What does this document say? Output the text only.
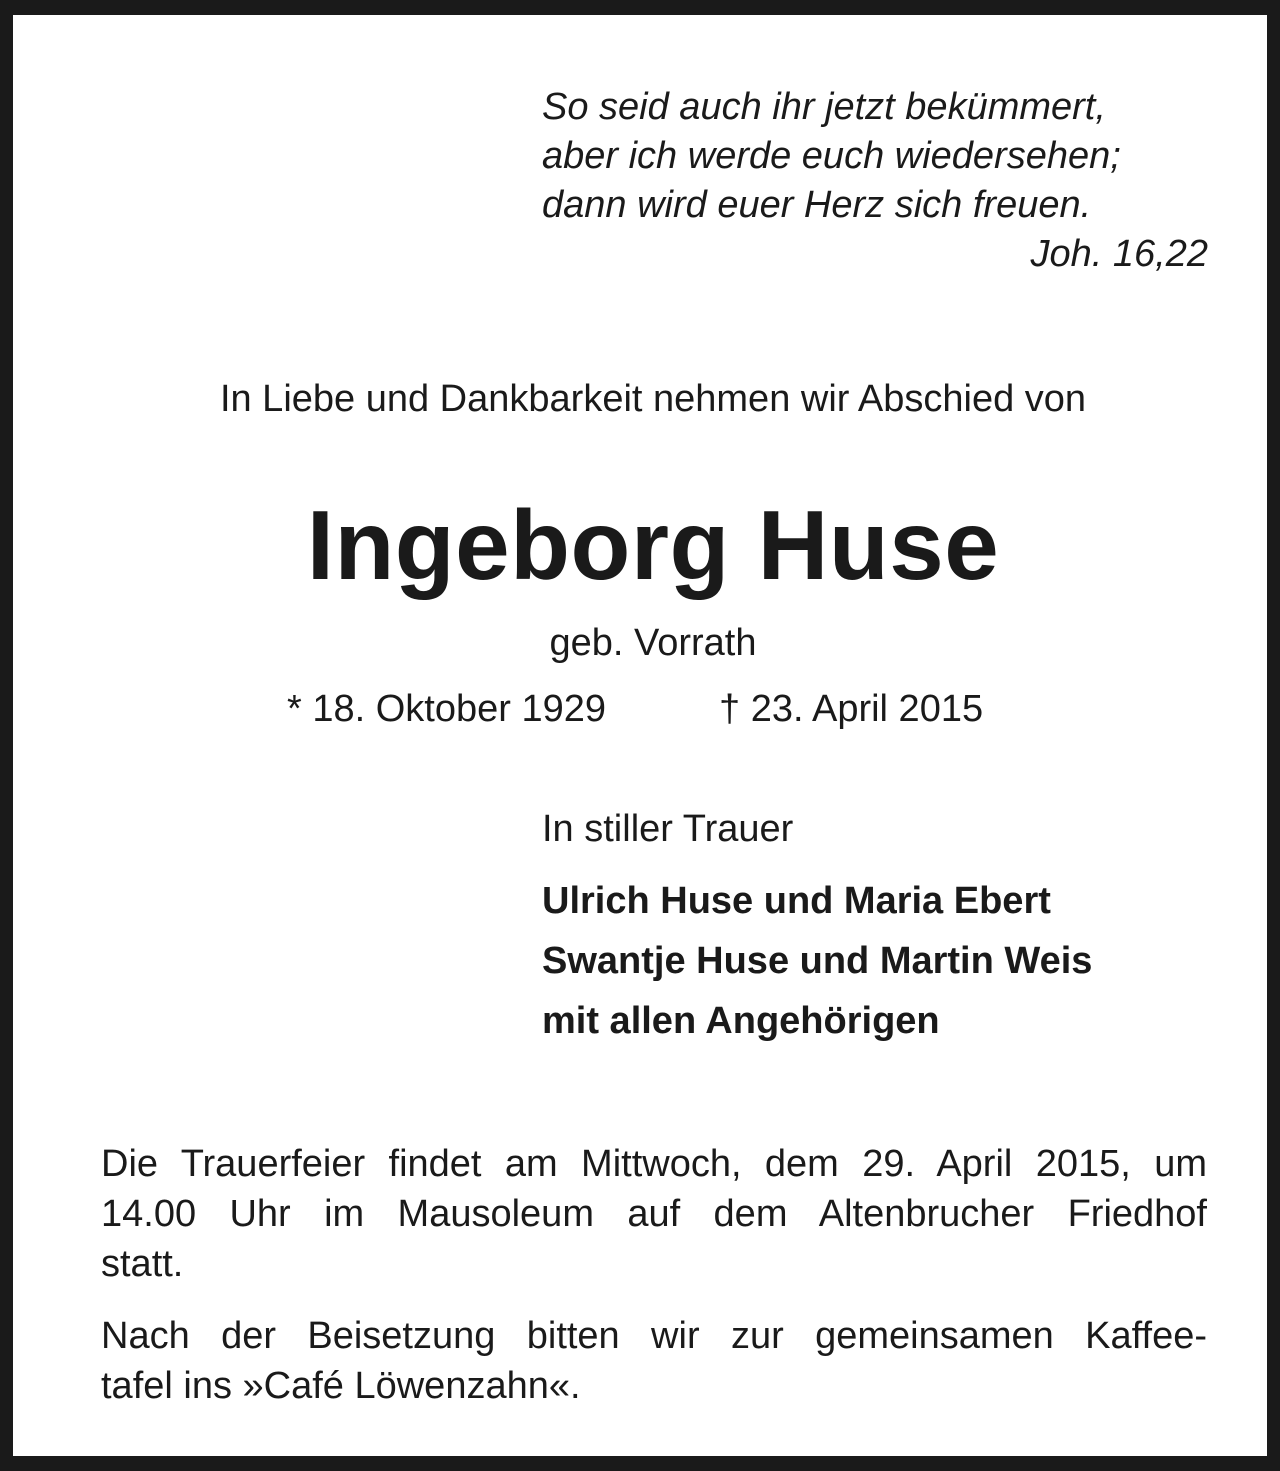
So seid auch ihr jetzt bekümmert,
aber ich werde euch wiedersehen;
dann wird euer Herz sich freuen.
Joh. 16,22

In Liebe und Dankbarkeit nehmen wir Abschied von

Ingeborg Huse

geb. Vorrath

* 18. Oktober 1929	† 23. April 2015

In stiller Trauer

Ulrich Huse und Maria Ebert
Swantje Huse und Martin Weis
mit allen Angehörigen
Die Trauerfeier findet am Mittwoch, dem 29. April 2015, um
14.00 Uhr im Mausoleum auf dem Altenbrucher Friedhof
statt.
Nach der Beisetzung bitten wir zur gemeinsamen Kaffee-
tafel ins »Café Löwenzahn«.
